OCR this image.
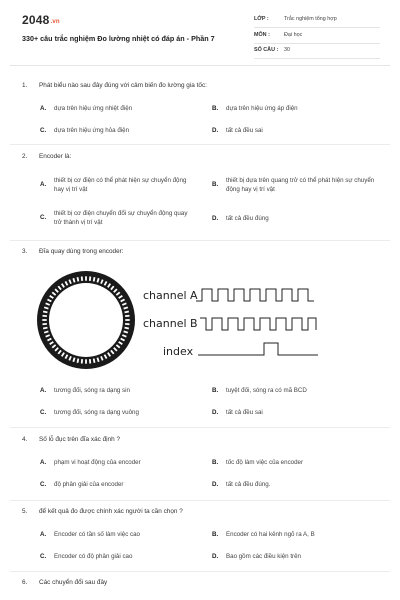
2048.vn
330+ câu trắc nghiệm Đo lường nhiệt có đáp án - Phần 7
LỚP :	Trắc nghiệm tổng hợp
MÔN :	Đại học
SỐ CÂU : 30
1. Phát biểu nào sau đây đúng với cảm biến đo lường gia tốc:
A. dựa trên hiệu ứng nhiệt điện	B. dựa trên hiệu ứng áp điện
C. dựa trên hiệu ứng hỏa điện	D. tất cả đều sai
2. Encoder là:
A.
thiết bị cơ điện có thể phát hiện sự chuyển động hay vị trí vật
B.
thiết bị dựa trên quang trở có thể phát hiện sự chuyển động hay vị trí vật
C.
thiết bị cơ điện chuyển đổi sự chuyển động quay trở thành vị trí vật
D. tất cả đều đúng
3. Đĩa quay dùng trong encoder:
channel A
channel B
index
A. tương đối, sóng ra dạng sin	B. tuyệt đối, sóng ra có mã BCD
C. tương đối, sóng ra dạng vuông	D. tất cả đều sai
4. Số lỗ đục trên đĩa xác định ?
A. phạm vi hoạt động của encoder	B. tốc độ làm việc của encoder
C. độ phân giải của encoder	D. tất cả đều đúng.
5. để kết quả đo được chính xác người ta cần chọn ?
A. Encoder có tần số làm việc cao	B. Encoder có hai kênh ngõ ra A, B
C. Encoder có độ phân giải cao	D. Bao gồm các điều kiện trên
6. Các chuyển đổi sau đây
